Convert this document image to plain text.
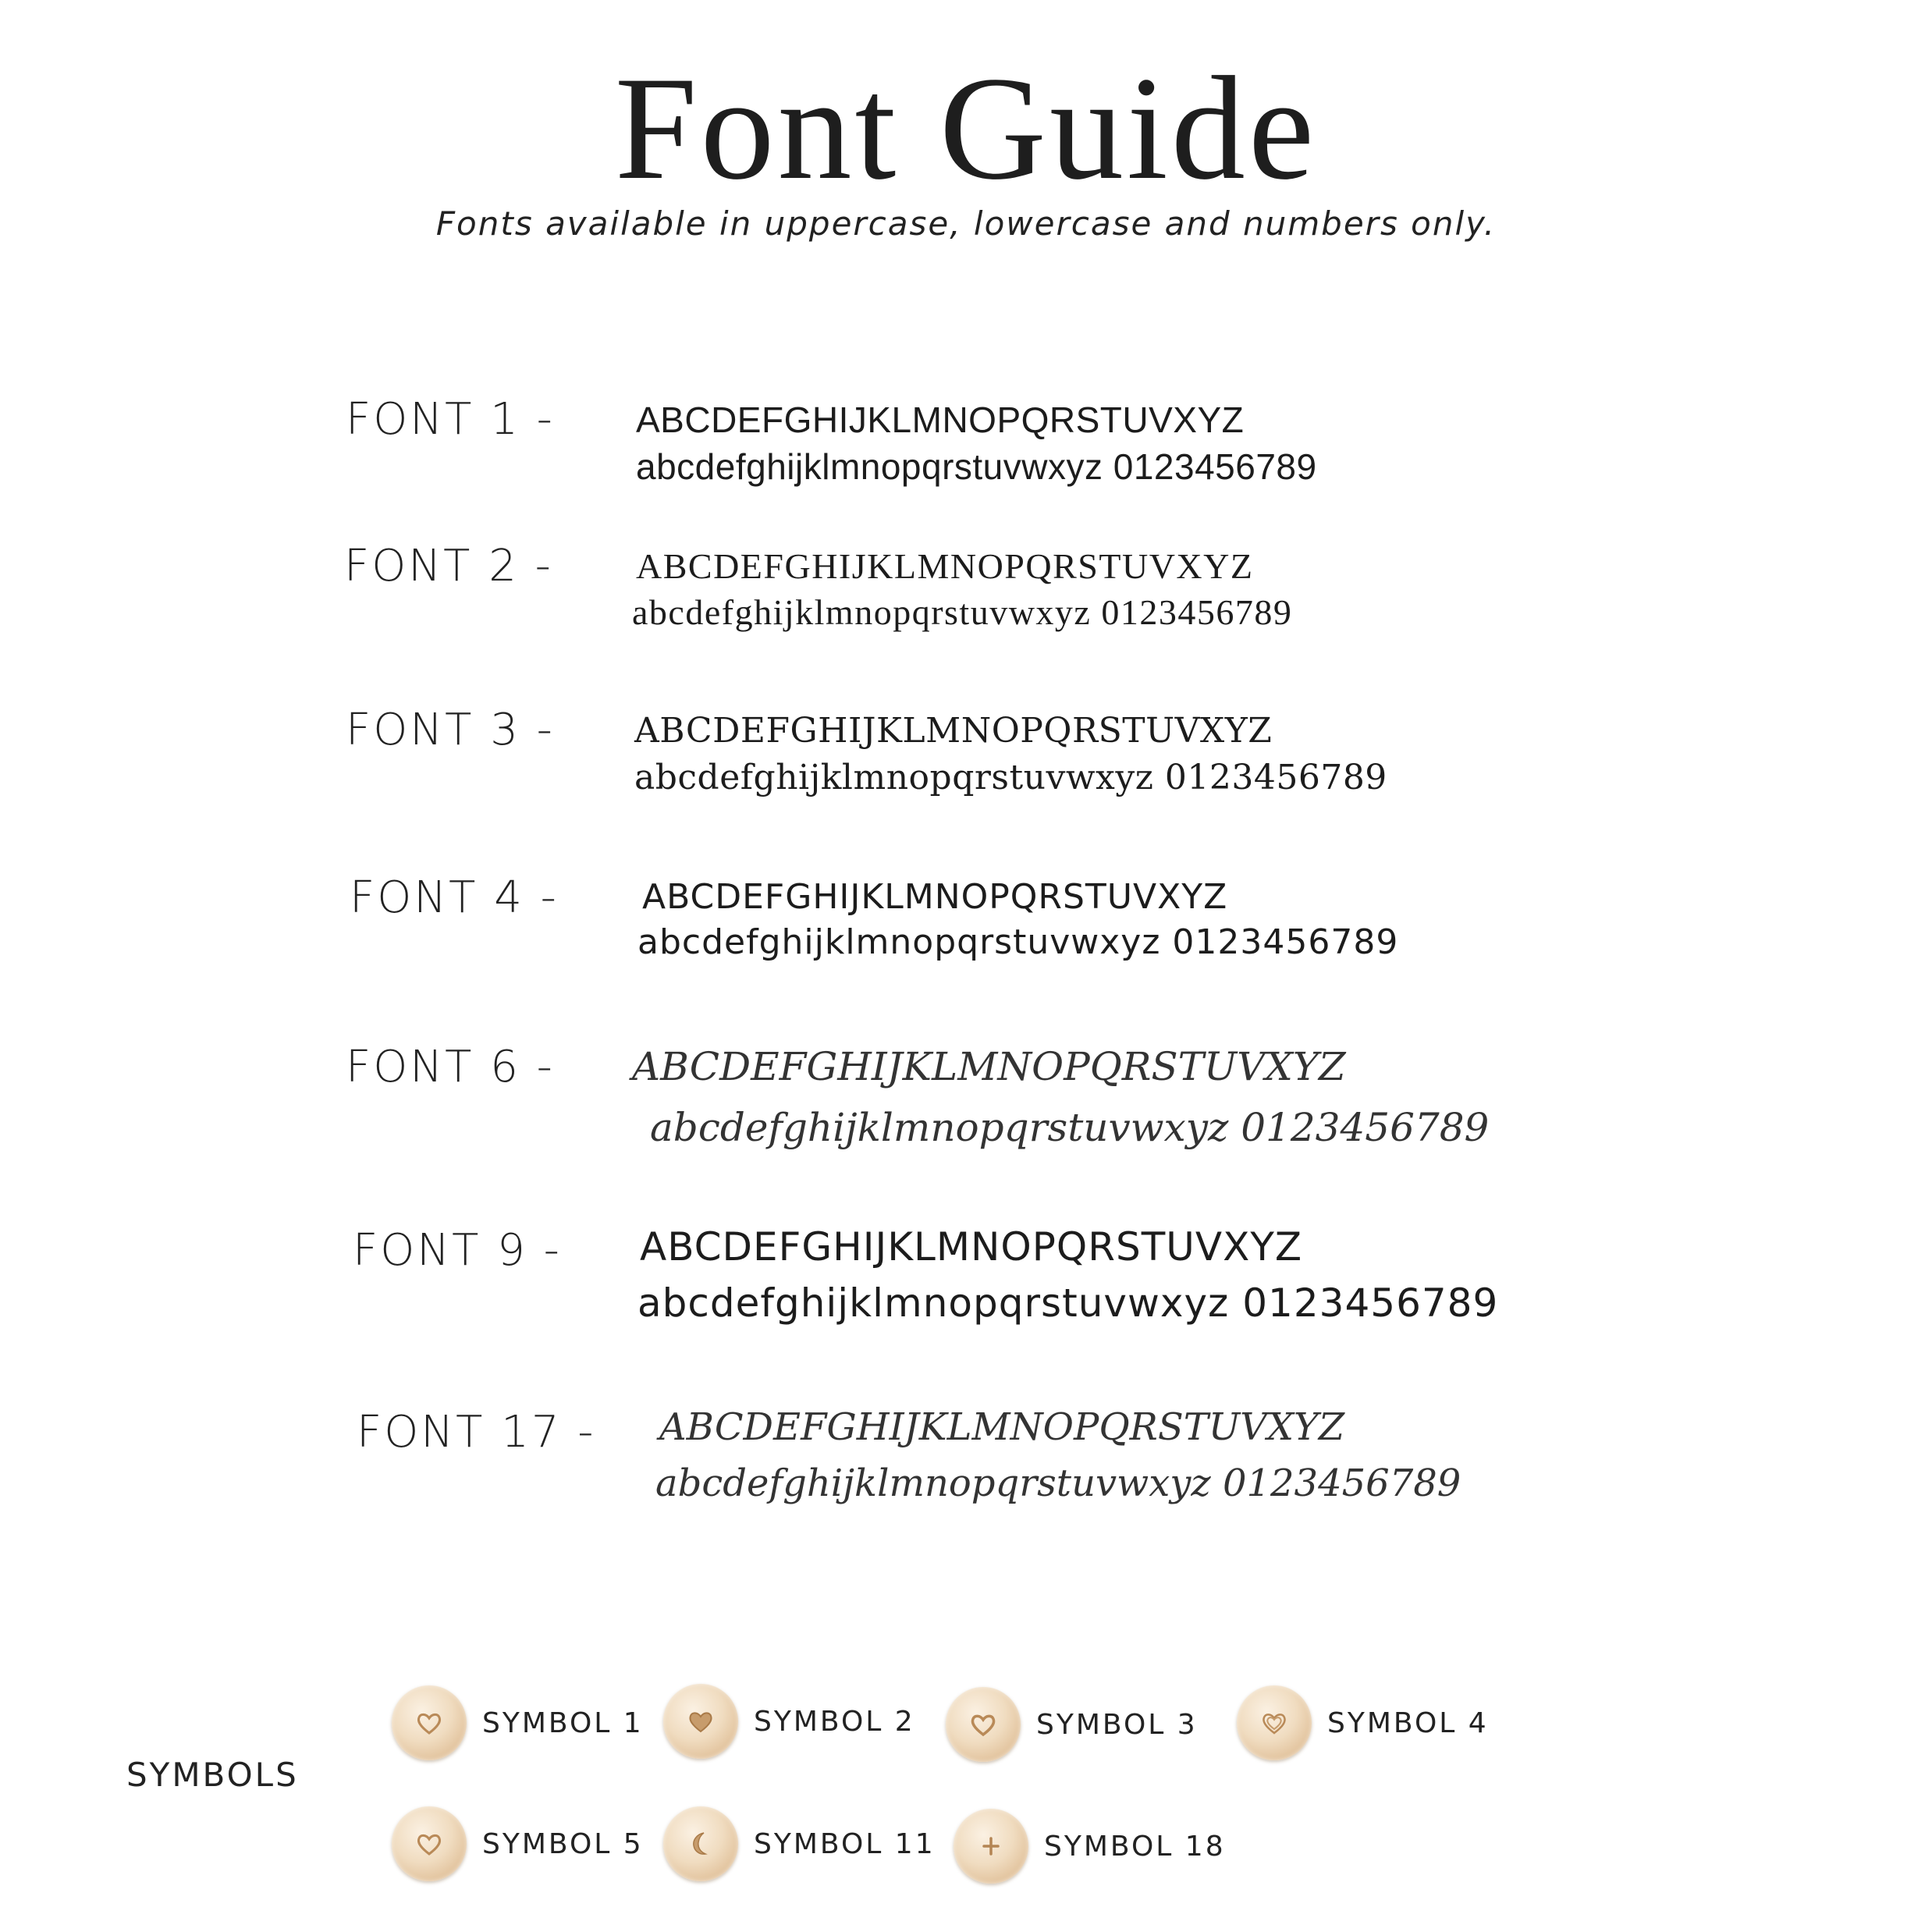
Font Guide
Fonts available in uppercase, lowercase and numbers only.
FONT 1 - ABCDEFGHIJKLMNOPQRSTUVXYZ
abcdefghijklmnopqrstuvwxyz 0123456789
FONT 2 - ABCDEFGHIJKLMNOPQRSTUVXYZ
abcdefghijklmnopqrstuvwxyz 0123456789
FONT 3 - ABCDEFGHIJKLMNOPQRSTUVXYZ
abcdefghijklmnopqrstuvwxyz 0123456789
FONT 4 - ABCDEFGHIJKLMNOPQRSTUVXYZ
abcdefghijklmnopqrstuvwxyz 0123456789
FONT 6 - ABCDEFGHIJKLMNOPQRSTUVXYZ
abcdefghijklmnopqrstuvwxyz 0123456789
FONT 9 - ABCDEFGHIJKLMNOPQRSTUVXYZ
abcdefghijklmnopqrstuvwxyz 0123456789
FONT 17 - ABCDEFGHIJKLMNOPQRSTUVXYZ
abcdefghijklmnopqrstuvwxyz 0123456789
SYMBOLS
SYMBOL 1	SYMBOL 2	SYMBOL 3	SYMBOL 4
SYMBOL 5	SYMBOL 11	SYMBOL 18
